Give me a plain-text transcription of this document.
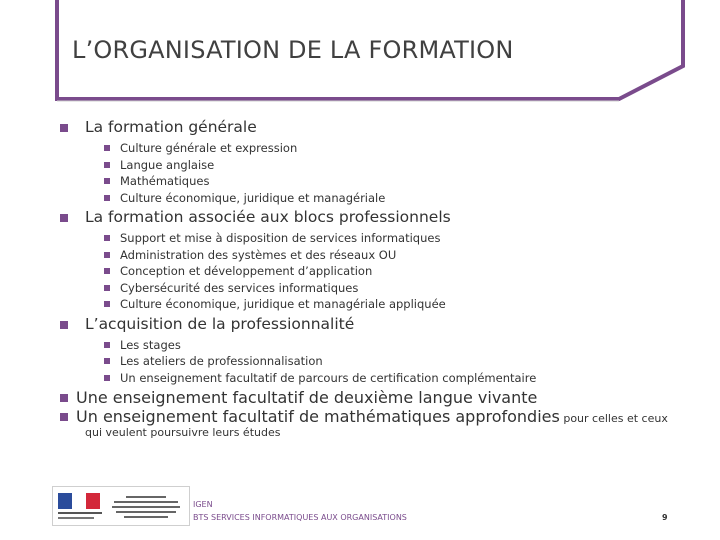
L’ORGANISATION DE LA FORMATION
La formation générale
Culture générale et expression
Langue anglaise
Mathématiques
Culture économique, juridique et managériale
La formation associée aux blocs professionnels
Support et mise à disposition de services informatiques
Administration des systèmes et des réseaux OU
Conception et développement d’application
Cybersécurité des services informatiques
Culture économique, juridique et managériale appliquée
L’acquisition de la professionnalité
Les stages
Les ateliers de professionnalisation
Un enseignement facultatif de parcours de certification complémentaire
Une enseignement facultatif de deuxième langue vivante
Un enseignement facultatif de mathématiques approfondies pour celles et ceux
qui veulent poursuivre leurs études
IGEN
BTS SERVICES INFORMATIQUES AUX ORGANISATIONS	9
